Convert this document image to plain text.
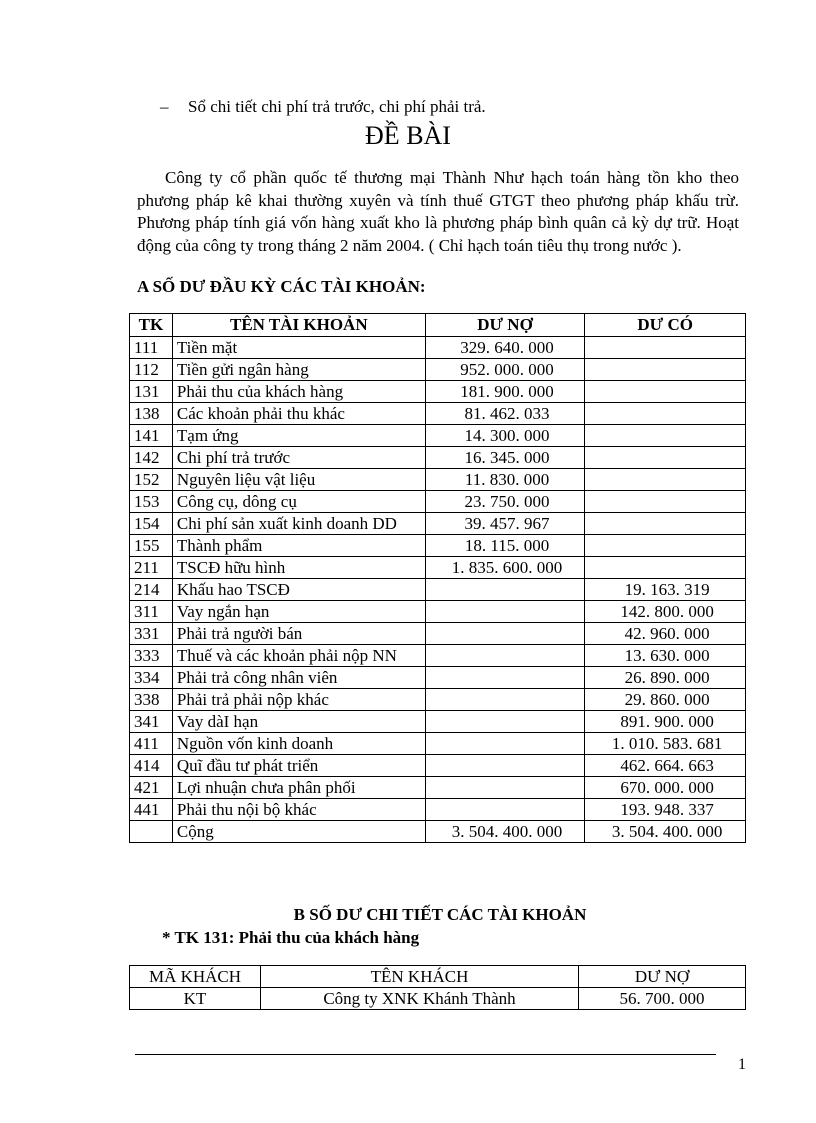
– Sổ chi tiết chi phí trả trước, chi phí phải trả.
ĐỀ BÀI
Công ty cổ phần quốc tế thương mại Thành Như hạch toán hàng tồn kho theo phương pháp kê khai thường xuyên và tính thuế GTGT theo phương pháp khấu trừ. Phương pháp tính giá vốn hàng xuất kho là phương pháp bình quân cả kỳ dự trữ. Hoạt động của công ty trong tháng 2 năm 2004. ( Chỉ hạch toán tiêu thụ trong nước ).
A SỐ DƯ ĐẦU KỲ CÁC TÀI KHOẢN:
TK	TÊN TÀI KHOẢN	DƯ NỢ	DƯ CÓ
111	Tiền mặt	329. 640. 000	
112	Tiền gửi ngân hàng	952. 000. 000	
131	Phải thu của khách hàng	181. 900. 000	
138	Các khoản phải thu khác	81. 462. 033	
141	Tạm ứng	14. 300. 000	
142	Chi phí trả trước	16. 345. 000	
152	Nguyên liệu vật liệu	11. 830. 000	
153	Công cụ, dông cụ	23. 750. 000	
154	Chi phí sản xuất kinh doanh DD	39. 457. 967	
155	Thành phẩm	18. 115. 000	
211	TSCĐ hữu hình	1. 835. 600. 000	
214	Khấu hao TSCĐ		19. 163. 319
311	Vay ngắn hạn		142. 800. 000
331	Phải trả người bán		42. 960. 000
333	Thuế và các khoản phải nộp NN		13. 630. 000
334	Phải trả công nhân viên		26. 890. 000
338	Phải trả phải nộp khác		29. 860. 000
341	Vay dàI hạn		891. 900. 000
411	Nguồn vốn kinh doanh		1. 010. 583. 681
414	Quĩ đầu tư phát triển		462. 664. 663
421	Lợi nhuận chưa phân phối		670. 000. 000
441	Phải thu nội bộ khác		193. 948. 337
	Cộng	3. 504. 400. 000	3. 504. 400. 000
B SỐ DƯ CHI TIẾT CÁC TÀI KHOẢN
* TK 131: Phải thu của khách hàng
MÃ KHÁCH	TÊN KHÁCH	DƯ NỢ
KT	Công ty XNK Khánh Thành	56. 700. 000
1
